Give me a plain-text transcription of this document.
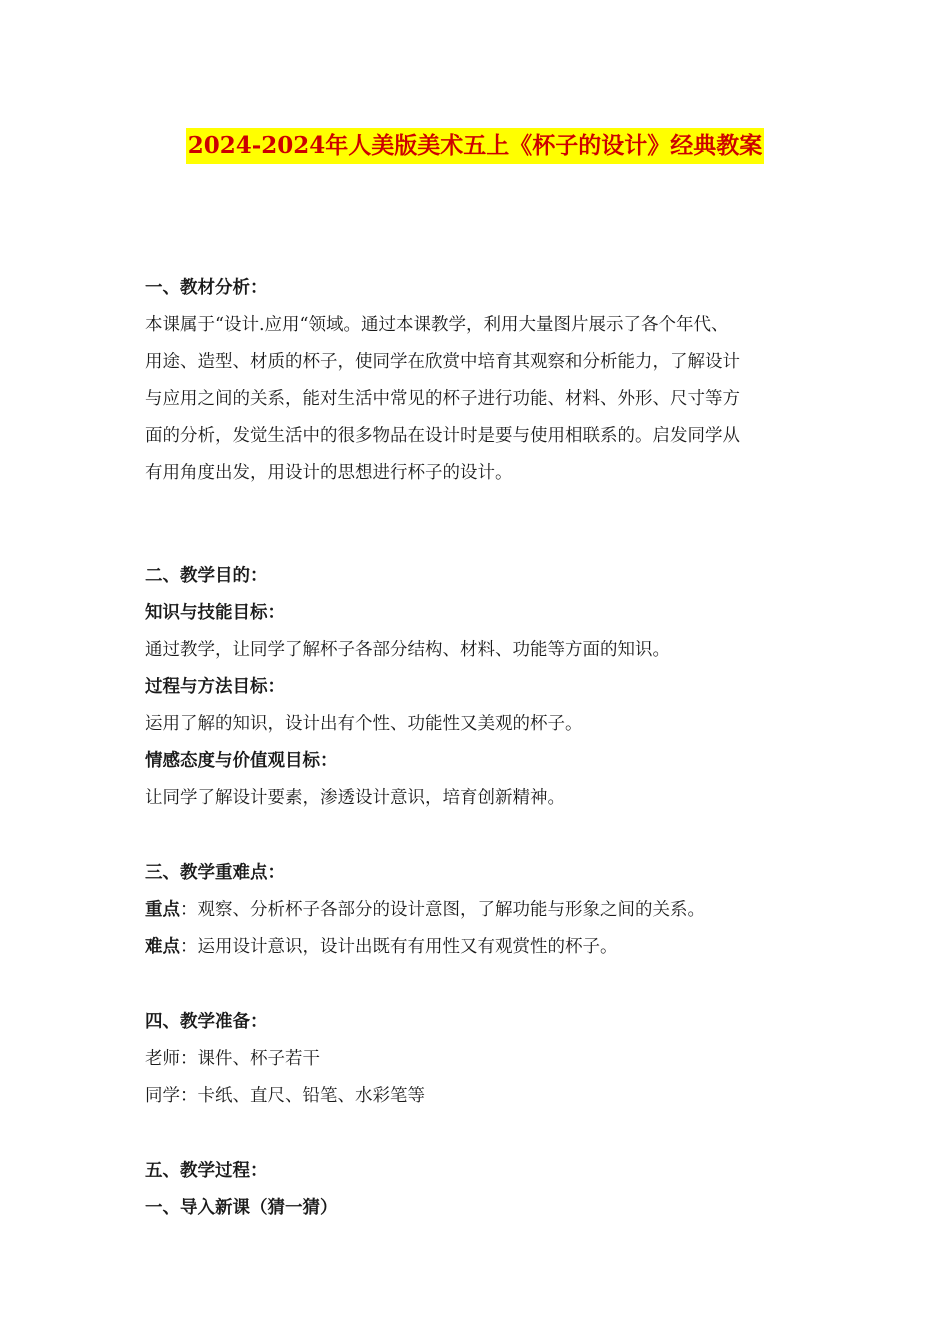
2024-2024年人美版美术五上《杯子的设计》经典教案

一、教材分析：

本课属于“设计.应用“领域。通过本课教学，利用大量图片展示了各个年代、

用途、造型、材质的杯子，使同学在欣赏中培育其观察和分析能力，了解设计

与应用之间的关系，能对生活中常见的杯子进行功能、材料、外形、尺寸等方

面的分析，发觉生活中的很多物品在设计时是要与使用相联系的。启发同学从

有用角度出发，用设计的思想进行杯子的设计。

二、教学目的：

知识与技能目标：

通过教学，让同学了解杯子各部分结构、材料、功能等方面的知识。

过程与方法目标：

运用了解的知识，设计出有个性、功能性又美观的杯子。

情感态度与价值观目标：

让同学了解设计要素，渗透设计意识，培育创新精神。

三、教学重难点：

重点：观察、分析杯子各部分的设计意图，了解功能与形象之间的关系。

难点：运用设计意识，设计出既有有用性又有观赏性的杯子。

四、教学准备：

老师：课件、杯子若干

同学：卡纸、直尺、铅笔、水彩笔等

五、教学过程：

一、导入新课（猜一猜）
